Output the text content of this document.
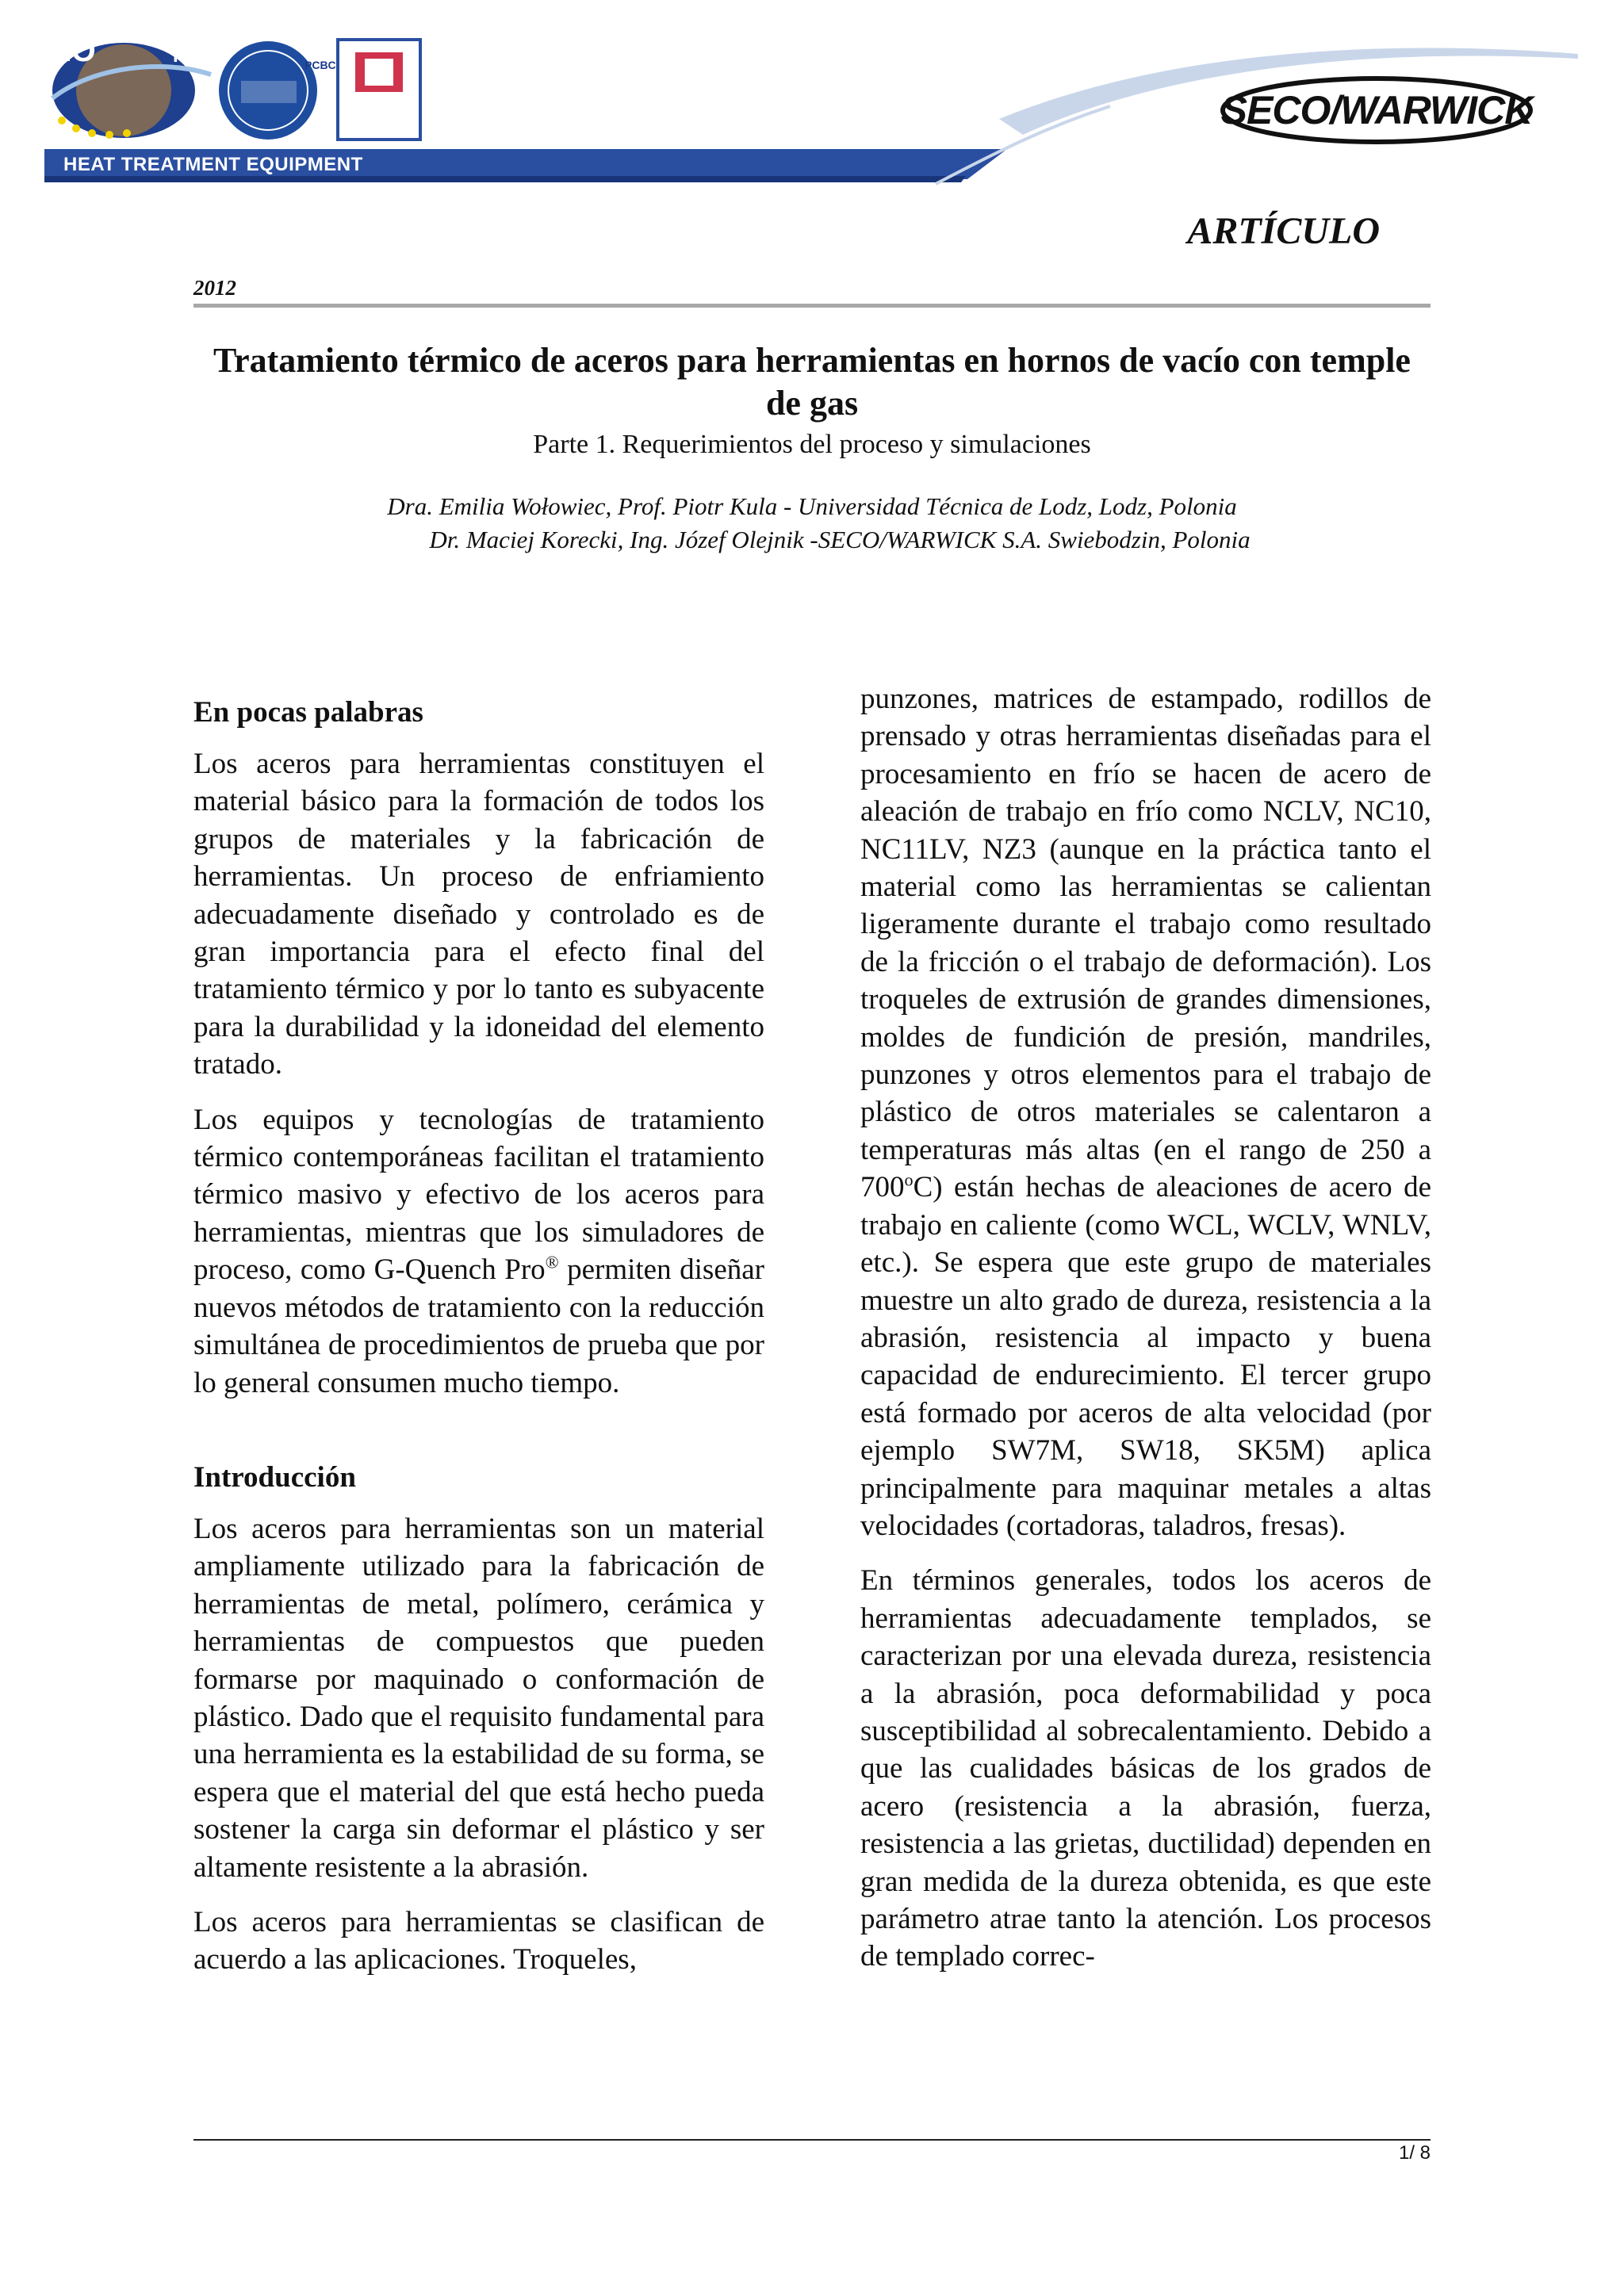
AEO	IQNet	PCBC
HEAT TREATMENT EQUIPMENT
SECO/WARWICK
ARTÍCULO
2012
Tratamiento térmico de aceros para herramientas en hornos de vacío con temple de gas

Parte 1. Requerimientos del proceso y simulaciones

Dra. Emilia Wołowiec, Prof. Piotr Kula - Universidad Técnica de Lodz, Lodz, Polonia
Dr. Maciej Korecki, Ing. Józef Olejnik -SECO/WARWICK S.A. Swiebodzin, Polonia
En pocas palabras

Los aceros para herramientas constituyen el material básico para la formación de todos los grupos de materiales y la fabricación de herramientas. Un proceso de enfriamiento adecuadamente diseñado y controlado es de gran importancia para el efecto final del tratamiento térmico y por lo tanto es subyacente para la durabilidad y la idoneidad del elemento tratado.

Los equipos y tecnologías de tratamiento térmico contemporáneas facilitan el tratamiento térmico masivo y efectivo de los aceros para herramientas, mientras que los simuladores de proceso, como G-Quench Pro® permiten diseñar nuevos métodos de tratamiento con la reducción simultánea de procedimientos de prueba que por lo general consumen mucho tiempo.

Introducción

Los aceros para herramientas son un material ampliamente utilizado para la fabricación de herramientas de metal, polímero, cerámica y herramientas de compuestos que pueden formarse por maquinado o conformación de plástico. Dado que el requisito fundamental para una herramienta es la estabilidad de su forma, se espera que el material del que está hecho pueda sostener la carga sin deformar el plástico y ser altamente resistente a la abrasión.

Los aceros para herramientas se clasifican de acuerdo a las aplicaciones. Troqueles,

punzones, matrices de estampado, rodillos de prensado y otras herramientas diseñadas para el procesamiento en frío se hacen de acero de aleación de trabajo en frío como NCLV, NC10, NC11LV, NZ3 (aunque en la práctica tanto el material como las herramientas se calientan ligeramente durante el trabajo como resultado de la fricción o el trabajo de deformación). Los troqueles de extrusión de grandes dimensiones, moldes de fundición de presión, mandriles, punzones y otros elementos para el trabajo de plástico de otros materiales se calentaron a temperaturas más altas (en el rango de 250 a 700$^o$C) están hechas de aleaciones de acero de trabajo en caliente (como WCL, WCLV, WNLV, etc.). Se espera que este grupo de materiales muestre un alto grado de dureza, resistencia a la abrasión, resistencia al impacto y buena capacidad de endurecimiento. El tercer grupo está formado por aceros de alta velocidad (por ejemplo SW7M, SW18, SK5M) aplica principalmente para maquinar metales a altas velocidades (cortadoras, taladros, fresas).

En términos generales, todos los aceros de herramientas adecuadamente templados, se caracterizan por una elevada dureza, resistencia a la abrasión, poca deformabilidad y poca susceptibilidad al sobrecalentamiento. Debido a que las cualidades básicas de los grados de acero (resistencia a la abrasión, fuerza, resistencia a las grietas, ductilidad) dependen en gran medida de la dureza obtenida, es que este parámetro atrae tanto la atención. Los procesos de templado correc-

1/ 8
